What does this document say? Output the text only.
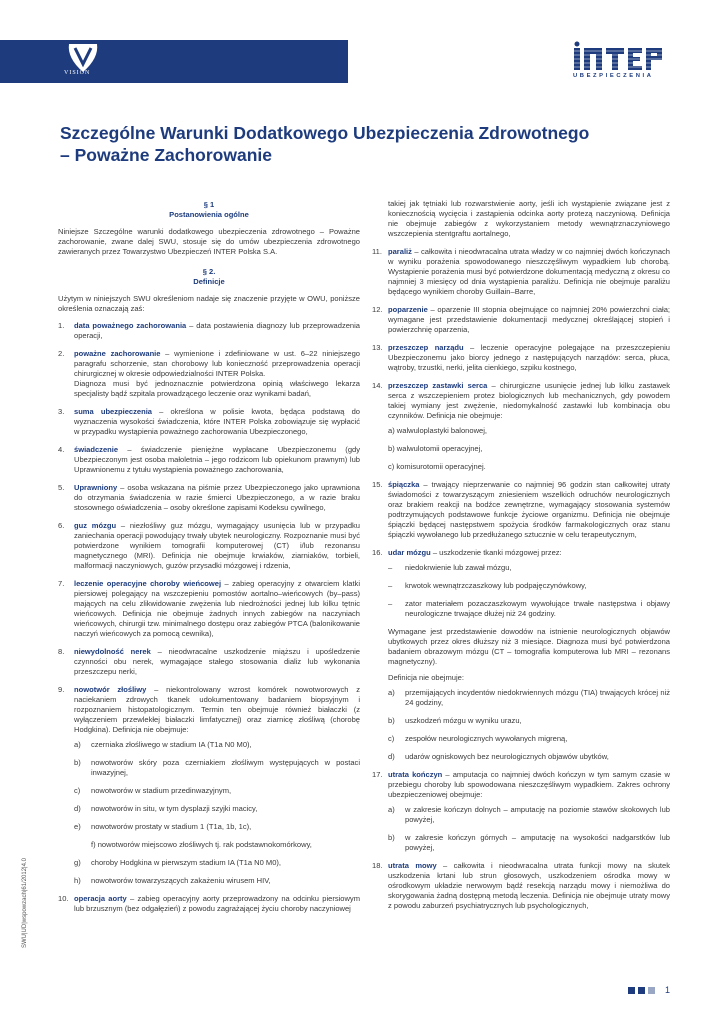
VISION	UBEZPIECZENIA
Szczególne Warunki Dodatkowego Ubezpieczenia Zdrowotnego
– Poważne Zachorowanie
§ 1
Postanowienia ogólne

Niniejsze Szczególne warunki dodatkowego ubezpieczenia zdrowotnego – Poważne zachorowanie, zwane dalej SWU, stosuje się do umów ubezpieczenia zdrowotnego zawieranych przez Towarzystwo Ubezpieczeń INTER Polska S.A.

§ 2.
Definicje

Użytym w niniejszych SWU określeniom nadaje się znaczenie przyjęte w OWU, poniższe określenia oznaczają zaś:

1. data poważnego zachorowania – data postawienia diagnozy lub przeprowadzenia operacji,
2. poważne zachorowanie – wymienione i zdefiniowane w ust. 6–22 niniejszego paragrafu schorzenie, stan chorobowy lub konieczność przeprowadzenia operacji chirurgicznej w okresie odpowiedzialności INTER Polska.

Diagnoza musi być jednoznacznie potwierdzona opinią właściwego lekarza specjalisty bądź szpitala prowadzącego leczenie oraz wynikami badań,

3. suma ubezpieczenia – określona w polisie kwota, będąca podstawą do wyznaczenia wysokości świadczenia, które INTER Polska zobowiązuje się wypłacić w przypadku wystąpienia poważnego zachorowania Ubezpieczonego,
4. świadczenie – świadczenie pieniężne wypłacane Ubezpieczonemu (gdy Ubezpieczonym jest osoba małoletnia – jego rodzicom lub opiekunom prawnym) lub Uprawnionemu z tytułu wystąpienia poważnego zachorowania,
5. Uprawniony – osoba wskazana na piśmie przez Ubezpieczonego jako uprawniona do otrzymania świadczenia w razie śmierci Ubezpieczonego, a w razie braku stosownego oświadczenia – osoby określone zapisami Kodeksu cywilnego,
6. guz mózgu – niezłośliwy guz mózgu, wymagający usunięcia lub w przypadku zaniechania operacji powodujący trwały ubytek neurologiczny. Rozpoznanie musi być potwierdzone wynikiem tomografii komputerowej (CT) i/lub rezonansu magnetycznego (MRI). Definicja nie obejmuje krwiaków, ziarniaków, torbieli, malformacji naczyniowych, guzów przysadki mózgowej i rdzenia,
7. leczenie operacyjne choroby wieńcowej – zabieg operacyjny z otwarciem klatki piersiowej polegający na wszczepieniu pomostów aortalno–wieńcowych (by–pass) mających na celu zlikwidowanie zwężenia lub niedrożności jednej lub kilku tętnic wieńcowych. Definicja nie obejmuje żadnych innych zabiegów na naczyniach wieńcowych, chirurgii tzw. minimalnego dostępu oraz zabiegów PTCA (balonikowanie naczyń wieńcowych za pomocą cewnika),
8. niewydolność nerek – nieodwracalne uszkodzenie miąższu i upośledzenie czynności obu nerek, wymagające stałego stosowania dializ lub wykonania przeszczepu nerki,
9. nowotwór złośliwy – niekontrolowany wzrost komórek nowotworowych z naciekaniem zdrowych tkanek udokumentowany badaniem biopsyjnym i rozpoznaniem histopatologicznym. Termin ten obejmuje również białaczki (z wyłączeniem przewlekłej białaczki limfatycznej) oraz ziarnicę złośliwą (chorobę Hodgkina). Definicja nie obejmuje:
a) czerniaka złośliwego w stadium IA (T1a N0 M0),
b) nowotworów skóry poza czerniakiem złośliwym występujących w postaci inwazyjnej,
c) nowotworów w stadium przedinwazyjnym,
d) nowotworów in situ, w tym dysplazji szyjki macicy,
e) nowotworów prostaty w stadium 1 (T1a, 1b, 1c),
f) nowotworów miejscowo złośliwych tj. rak podstawnokomórkowy,
g) choroby Hodgkina w pierwszym stadium IA (T1a N0 M0),
h) nowotworów towarzyszących zakażeniu wirusem HIV,
10. operacja aorty – zabieg operacyjny aorty przeprowadzony na odcinku piersiowym lub brzusznym (bez odgałęzień) z powodu zagrażającej życiu choroby naczyniowej
takiej jak tętniaki lub rozwarstwienie aorty, jeśli ich wystąpienie związane jest z koniecznością wycięcia i zastąpienia odcinka aorty protezą naczyniową. Definicja nie obejmuje zabiegów z wykorzystaniem metody wewnątrznaczyniowego wszczepienia stentgraftu aortalnego,
11. paraliż – całkowita i nieodwracalna utrata władzy w co najmniej dwóch kończynach w wyniku porażenia spowodowanego nieszczęśliwym wypadkiem lub chorobą. Wystąpienie porażenia musi być potwierdzone dokumentacją medyczną z okresu co najmniej 3 miesięcy od dnia wystąpienia paraliżu. Definicja nie obejmuje paraliżu będącego wynikiem choroby Guillain–Barre,
12. poparzenie – oparzenie III stopnia obejmujące co najmniej 20% powierzchni ciała; wymagane jest przedstawienie dokumentacji medycznej określającej stopień i powierzchnię oparzenia,
13. przeszczep narządu – leczenie operacyjne polegające na przeszczepieniu Ubezpieczonemu jako biorcy jednego z następujących narządów: serca, płuca, wątroby, trzustki, nerki, jelita cienkiego, szpiku kostnego,
14. przeszczep zastawki serca – chirurgiczne usunięcie jednej lub kilku zastawek serca z wszczepieniem protez biologicznych lub mechanicznych, gdy powodem takiej wymiany jest zwężenie, niedomykalność zastawki lub kombinacja obu czynników. Definicja nie obejmuje:
a) walwuloplastyki balonowej,
b) walwulotomii operacyjnej,
c) komisurotomii operacyjnej.
15. śpiączka – trwający nieprzerwanie co najmniej 96 godzin stan całkowitej utraty świadomości z towarzyszącym zniesieniem wszelkich odruchów neurologicznych oraz brakiem reakcji na bodźce zewnętrzne, wymagający stosowania systemów podtrzymujących podstawowe funkcje życiowe organizmu. Definicja nie obejmuje śpiączki będącej następstwem spożycia środków farmakologicznych oraz stanu śpiączki wywołanego lub przedłużanego sztucznie w celu terapeutycznym,
16. udar mózgu – uszkodzenie tkanki mózgowej przez:
– niedokrwienie lub zawał mózgu,
– krwotok wewnątrzczaszkowy lub podpajęczynówkowy,
– zator materiałem pozaczaszkowym wywołujące trwałe następstwa i objawy neurologiczne trwające dłużej niż 24 godziny.

Wymagane jest przedstawienie dowodów na istnienie neurologicznych objawów ubytkowych przez okres dłuższy niż 3 miesiące. Diagnoza musi być potwierdzona badaniem obrazowym mózgu (CT – tomografia komputerowa lub MRI – rezonans magnetyczny).

Definicja nie obejmuje:

a) przemijających incydentów niedokrwiennych mózgu (TIA) trwających krócej niż 24 godziny,
b) uszkodzeń mózgu w wyniku urazu,
c) zespołów neurologicznych wywołanych migreną,
d) udarów ogniskowych bez neurologicznych objawów ubytków,
17. utrata kończyn – amputacja co najmniej dwóch kończyn w tym samym czasie w przebiegu choroby lub spowodowana nieszczęśliwym wypadkiem. Zakres ochrony ubezpieczeniowej obejmuje:
a) w zakresie kończyn dolnych – amputację na poziomie stawów skokowych lub powyżej,
b) w zakresie kończyn górnych – amputację na wysokości nadgarstków lub powyżej,
18. utrata mowy – całkowita i nieodwracalna utrata funkcji mowy na skutek uszkodzenia krtani lub strun głosowych, uszkodzeniem ośrodka mowy w ośrodkowym układzie nerwowym bądź resekcją narządu mowy i niemożliwa do skorygowania żadną dostępną metodą leczenia. Definicja nie obejmuje utraty mowy z powodu zaburzeń psychiatrycznych lub psychologicznych,
SWU|UD|wspowzach|61/2012|4.0
1
